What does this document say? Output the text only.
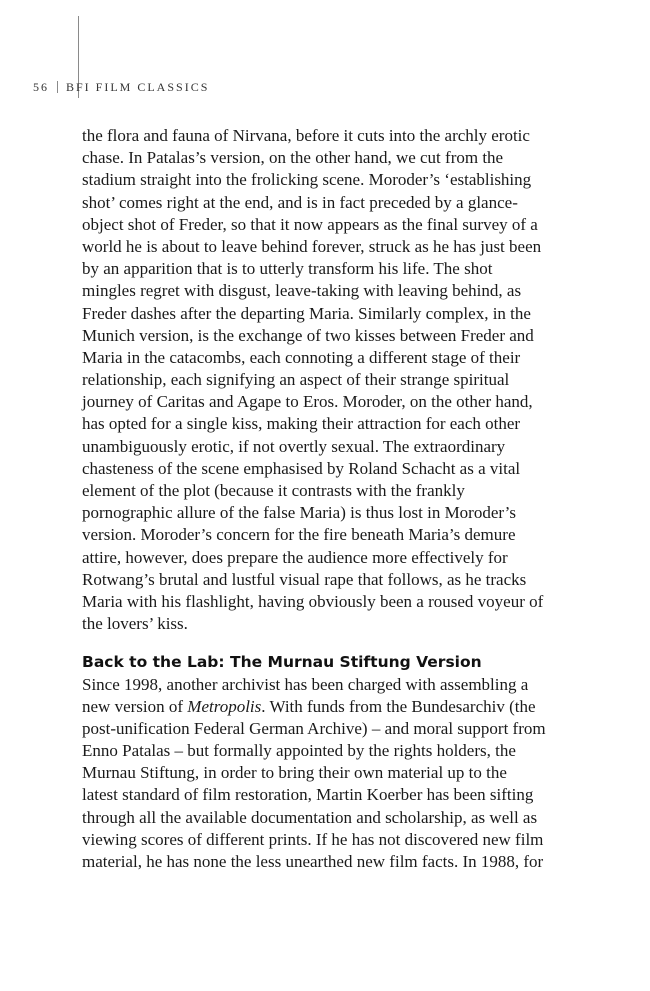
56 BFI FILM CLASSICS
the flora and fauna of Nirvana, before it cuts into the archly erotic
chase. In Patalas’s version, on the other hand, we cut from the
stadium straight into the frolicking scene. Moroder’s ‘establishing
shot’ comes right at the end, and is in fact preceded by a glance-
object shot of Freder, so that it now appears as the final survey of a
world he is about to leave behind forever, struck as he has just been
by an apparition that is to utterly transform his life. The shot
mingles regret with disgust, leave-taking with leaving behind, as
Freder dashes after the departing Maria. Similarly complex, in the
Munich version, is the exchange of two kisses between Freder and
Maria in the catacombs, each connoting a different stage of their
relationship, each signifying an aspect of their strange spiritual
journey of Caritas and Agape to Eros. Moroder, on the other hand,
has opted for a single kiss, making their attraction for each other
unambiguously erotic, if not overtly sexual. The extraordinary
chasteness of the scene emphasised by Roland Schacht as a vital
element of the plot (because it contrasts with the frankly
pornographic allure of the false Maria) is thus lost in Moroder’s
version. Moroder’s concern for the fire beneath Maria’s demure
attire, however, does prepare the audience more effectively for
Rotwang’s brutal and lustful visual rape that follows, as he tracks
Maria with his flashlight, having obviously been a roused voyeur of
the lovers’ kiss.
Back to the Lab: The Murnau Stiftung Version
Since 1998, another archivist has been charged with assembling a
new version of Metropolis. With funds from the Bundesarchiv (the
post-unification Federal German Archive) – and moral support from
Enno Patalas – but formally appointed by the rights holders, the
Murnau Stiftung, in order to bring their own material up to the
latest standard of film restoration, Martin Koerber has been sifting
through all the available documentation and scholarship, as well as
viewing scores of different prints. If he has not discovered new film
material, he has none the less unearthed new film facts. In 1988, for
